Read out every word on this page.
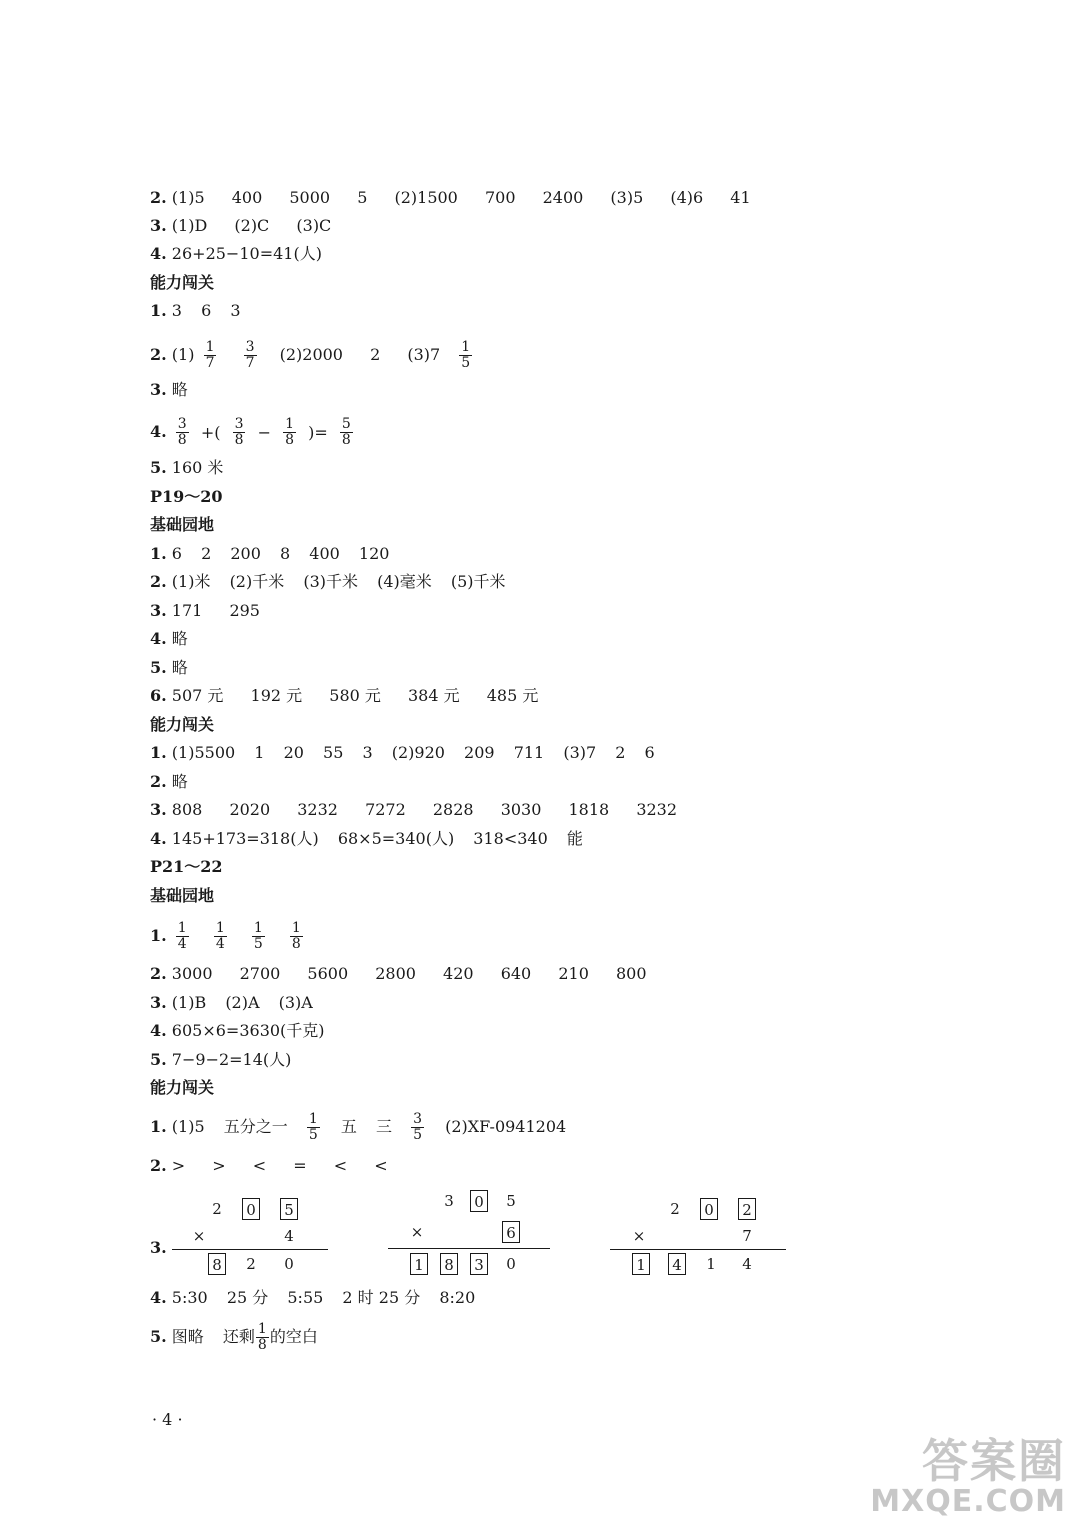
2. (1)5 400 5000 5 (2)1500 700 2400 (3)5 (4)6 41
3. (1)D (2)C (3)C
4. 26+25−10=41(人)
能力闯关
1. 3 6 3
2. $(1) \frac{1}{7}$
$\frac{3}{7} (2)2000$ 2 $(3)7 \frac{1}{5}$
3. 略
4. $\frac{3}{8}$ +( $\frac{3}{8} - \frac{1}{8}$ )= $\frac{5}{8}$
5. 160 米
P19～20
基础园地
1. 6 2 200 8 400 120
2. (1)米 (2)千米 (3)千米 (4)毫米 (5)千米
3. 171 295
4. 略
5. 略
6. 507 元 192 元 580 元 384 元 485 元
能力闯关
1. (1)5500 1 20 55 3 (2)920 209 711 (3)7 2 6
2. 略
3. 808 2020 3232 7272 2828 3030 1818 3232
4. 145+173=318(人) 68×5=340(人) 318<340 能
P21～22
基础园地
1. $\frac{1}{4}$
$\frac{1}{4}$
$\frac{1}{5}$
$\frac{1}{8}$
2. 3000 2700 5600 2800 420 640 210 800
3. (1)B (2)A (3)A
4. 605×6=3630(千克)
5. 7−9−2=14(人)
能力闯关
1. (1)5 五分之一 $\frac{1}{5}$ 五 三 $\frac{3}{5} (2)XF-0941204$
2. > > < = < <
3.
2 0 5
×	4
8 2 0
3 0 5
×	6
1 8 3 0
2 0 2
×	7
1 4 1 4
4. 5:30 25 分 5:55 2 时 25 分 8:20
5. 图略 还剩 $\frac{1}{8}$ 的空白
· 4 ·
答案圈
MXQE.COM
